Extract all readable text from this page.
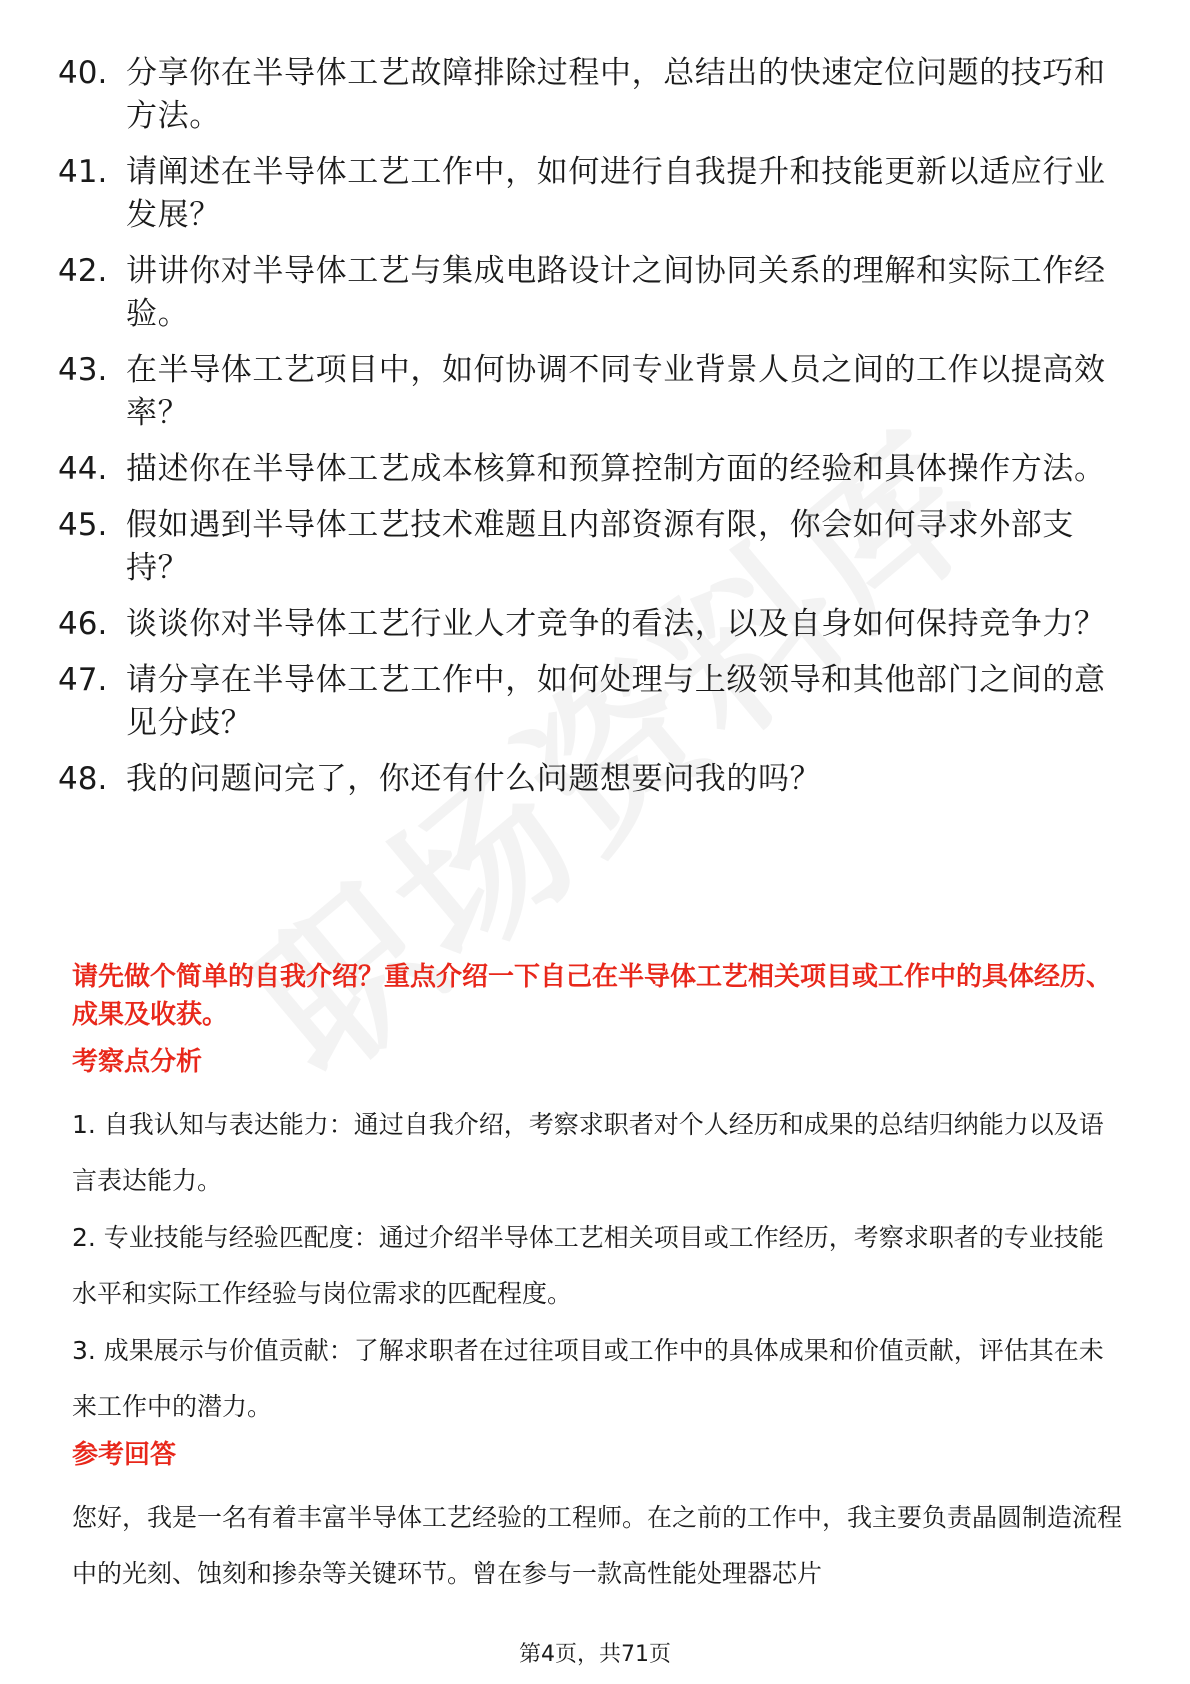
40. 分享你在半导体工艺故障排除过程中，总结出的快速定位问题的技巧和方法。
41. 请阐述在半导体工艺工作中，如何进行自我提升和技能更新以适应行业发展？
42. 讲讲你对半导体工艺与集成电路设计之间协同关系的理解和实际工作经验。
43. 在半导体工艺项目中，如何协调不同专业背景人员之间的工作以提高效率？
44. 描述你在半导体工艺成本核算和预算控制方面的经验和具体操作方法。
45. 假如遇到半导体工艺技术难题且内部资源有限，你会如何寻求外部支持？
46. 谈谈你对半导体工艺行业人才竞争的看法，以及自身如何保持竞争力？
47. 请分享在半导体工艺工作中，如何处理与上级领导和其他部门之间的意见分歧？
48. 我的问题问完了，你还有什么问题想要问我的吗？
请先做个简单的自我介绍？重点介绍一下自己在半导体工艺相关项目或工作中的具体经历、成果及收获。
考察点分析
1. 自我认知与表达能力：通过自我介绍，考察求职者对个人经历和成果的总结归纳能力以及语言表达能力。
2. 专业技能与经验匹配度：通过介绍半导体工艺相关项目或工作经历，考察求职者的专业技能水平和实际工作经验与岗位需求的匹配程度。
3. 成果展示与价值贡献：了解求职者在过往项目或工作中的具体成果和价值贡献，评估其在未来工作中的潜力。
参考回答
您好，我是一名有着丰富半导体工艺经验的工程师。在之前的工作中，我主要负责晶圆制造流程中的光刻、蚀刻和掺杂等关键环节。曾在参与一款高性能处理器芯片
第4页，共71页
